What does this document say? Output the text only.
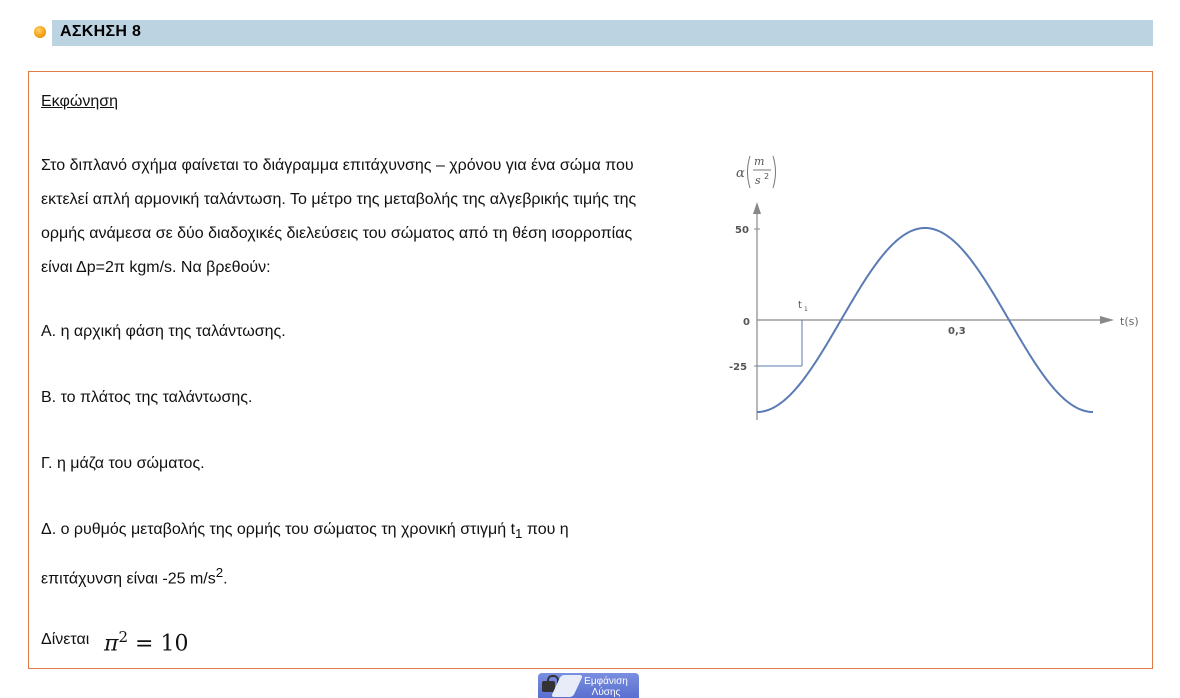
ΑΣΚΗΣΗ 8
Εκφώνηση
Στο διπλανό σχήμα φαίνεται το διάγραμμα επιτάχυνσης – χρόνου για ένα σώμα που
εκτελεί απλή αρμονική ταλάντωση. Το μέτρο της μεταβολής της αλγεβρικής τιμής της
ορμής ανάμεσα σε δύο διαδοχικές διελεύσεις του σώματος από τη θέση ισορροπίας
είναι Δp=2π kgm/s. Να βρεθούν:
Α. η αρχική φάση της ταλάντωσης.
Β. το πλάτος της ταλάντωσης.
Γ. η μάζα του σώματος.
Δ. ο ρυθμός μεταβολής της ορμής του σώματος τη χρονική στιγμή $t_1$ που η
επιτάχυνση είναι -25 $m/s^2$.
Δίνεται $\pi^2 = 10$
α
m
s 2
t(s)
50
0
-25
0,3
t 1
Εμφάνιση
Λύσης
